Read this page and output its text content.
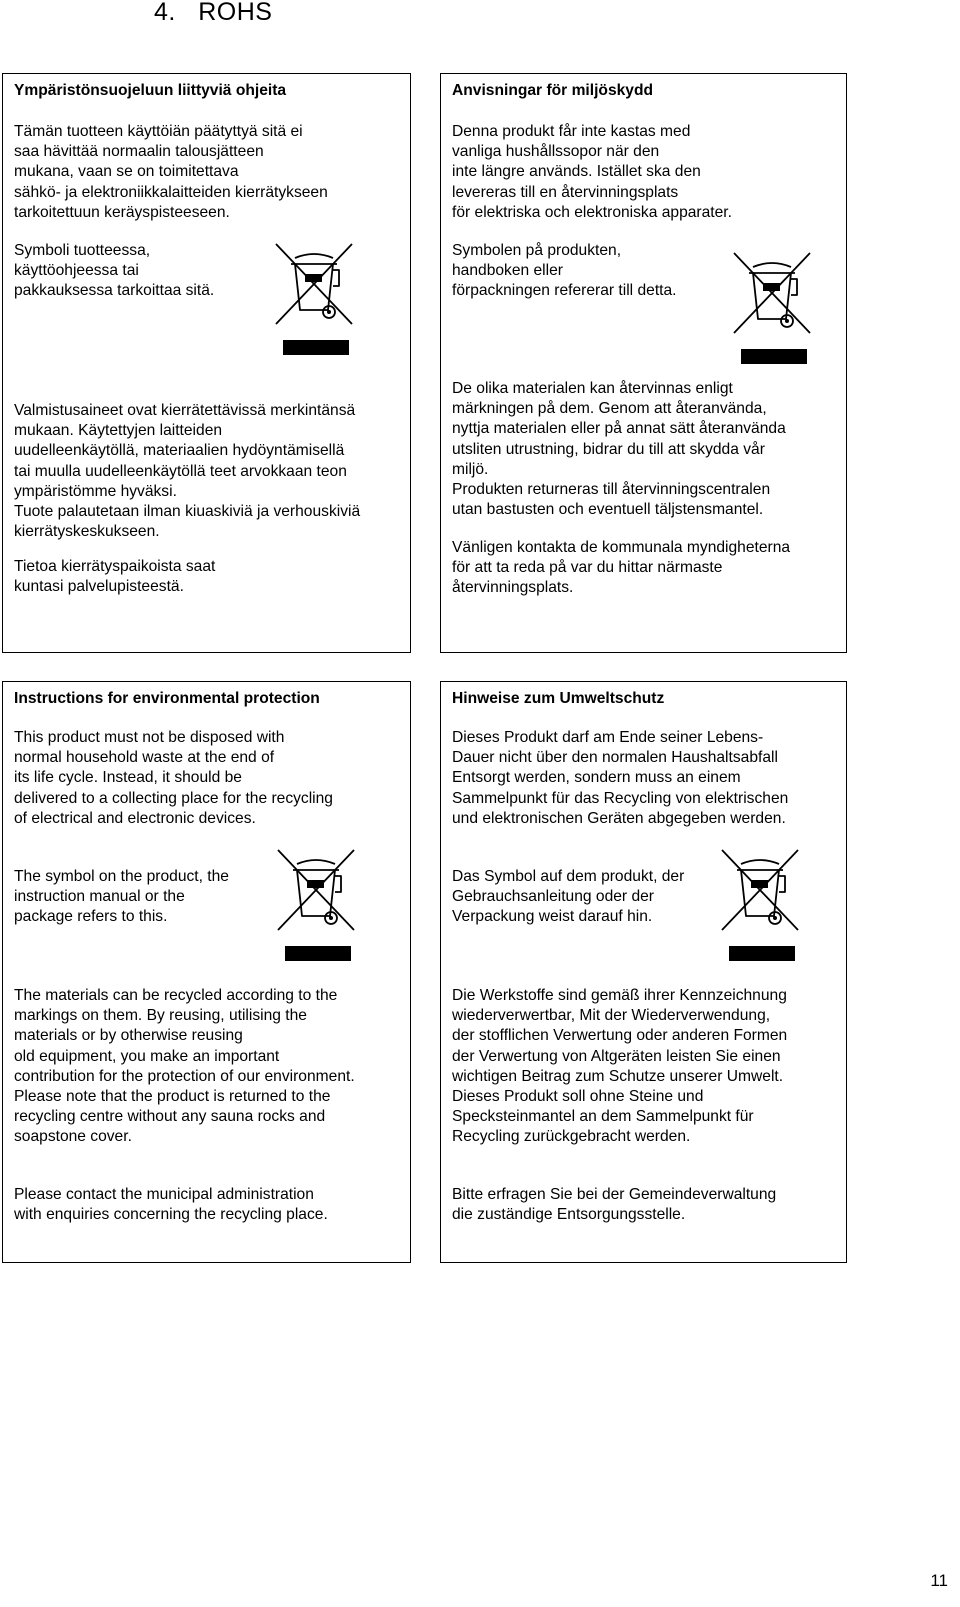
4. ROHS
Ympäristönsuojeluun liittyviä ohjeita
Tämän tuotteen käyttöiän päätyttyä sitä ei
saa hävittää normaalin talousjätteen
mukana, vaan se on toimitettava
sähkö- ja elektroniikkalaitteiden kierrätykseen
tarkoitettuun keräyspisteeseen.
Symboli tuotteessa,
käyttöohjeessa tai
pakkauksessa tarkoittaa sitä.
Valmistusaineet ovat kierrätettävissä merkintänsä
mukaan. Käytettyjen laitteiden
uudelleenkäytöllä, materiaalien hydöyntämisellä
tai muulla uudelleenkäytöllä teet arvokkaan teon
ympäristömme hyväksi.
Tuote palautetaan ilman kiuaskiviä ja verhouskiviä
kierrätyskeskukseen.
Tietoa kierrätyspaikoista saat
kuntasi palvelupisteestä.
Anvisningar för miljöskydd
Denna produkt får inte kastas med
vanliga hushållssopor när den
inte längre används. Istället ska den
levereras till en återvinningsplats
för elektriska och elektroniska apparater.
Symbolen på produkten,
handboken eller
förpackningen refererar till detta.
De olika materialen kan återvinnas enligt
märkningen på dem. Genom att återanvända,
nyttja materialen eller på annat sätt återanvända
utsliten utrustning, bidrar du till att skydda vår
miljö.
Produkten returneras till återvinningscentralen
utan bastusten och eventuell täljstensmantel.
Vänligen kontakta de kommunala myndigheterna
för att ta reda på var du hittar närmaste
återvinningsplats.
Instructions for environmental protection
This product must not be disposed with
normal household waste at the end of
its life cycle. Instead, it should be
delivered to a collecting place for the recycling
of electrical and electronic devices.
The symbol on the product, the
instruction manual or the
package refers to this.
The materials can be recycled according to the
markings on them. By reusing, utilising the
materials or by otherwise reusing
old equipment, you make an important
contribution for the protection of our environment.
Please note that the product is returned to the
recycling centre without any sauna rocks and
soapstone cover.
Please contact the municipal administration
with enquiries concerning the recycling place.
Hinweise zum Umweltschutz
Dieses Produkt darf am Ende seiner Lebens-
Dauer nicht über den normalen Haushaltsabfall
Entsorgt werden, sondern muss an einem
Sammelpunkt für das Recycling von elektrischen
und elektronischen Geräten abgegeben werden.
Das Symbol auf dem produkt, der
Gebrauchsanleitung oder der
Verpackung weist darauf hin.
Die Werkstoffe sind gemäß ihrer Kennzeichnung
wiederverwertbar, Mit der Wiederverwendung,
der stofflichen Verwertung oder anderen Formen
der Verwertung von Altgeräten leisten Sie einen
wichtigen Beitrag zum Schutze unserer Umwelt.
Dieses Produkt soll ohne Steine und
Specksteinmantel an dem Sammelpunkt für
Recycling zurückgebracht werden.
Bitte erfragen Sie bei der Gemeindeverwaltung
die zuständige Entsorgungsstelle.
11
